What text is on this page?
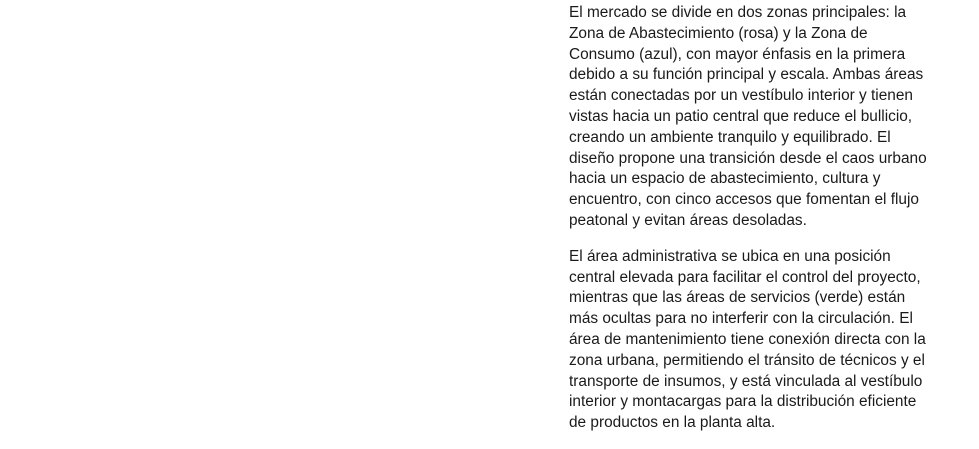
El mercado se divide en dos zonas principales: la Zona de Abastecimiento (rosa) y la Zona de Consumo (azul), con mayor énfasis en la primera debido a su función principal y escala. Ambas áreas están conectadas por un vestíbulo interior y tienen vistas hacia un patio central que reduce el bullicio, creando un ambiente tranquilo y equilibrado. El diseño propone una transición desde el caos urbano hacia un espacio de abastecimiento, cultura y encuentro, con cinco accesos que fomentan el flujo peatonal y evitan áreas desoladas.

El área administrativa se ubica en una posición central elevada para facilitar el control del proyecto, mientras que las áreas de servicios (verde) están más ocultas para no interferir con la circulación. El área de mantenimiento tiene conexión directa con la zona urbana, permitiendo el tránsito de técnicos y el transporte de insumos, y está vinculada al vestíbulo interior y montacargas para la distribución eficiente de productos en la planta alta.
